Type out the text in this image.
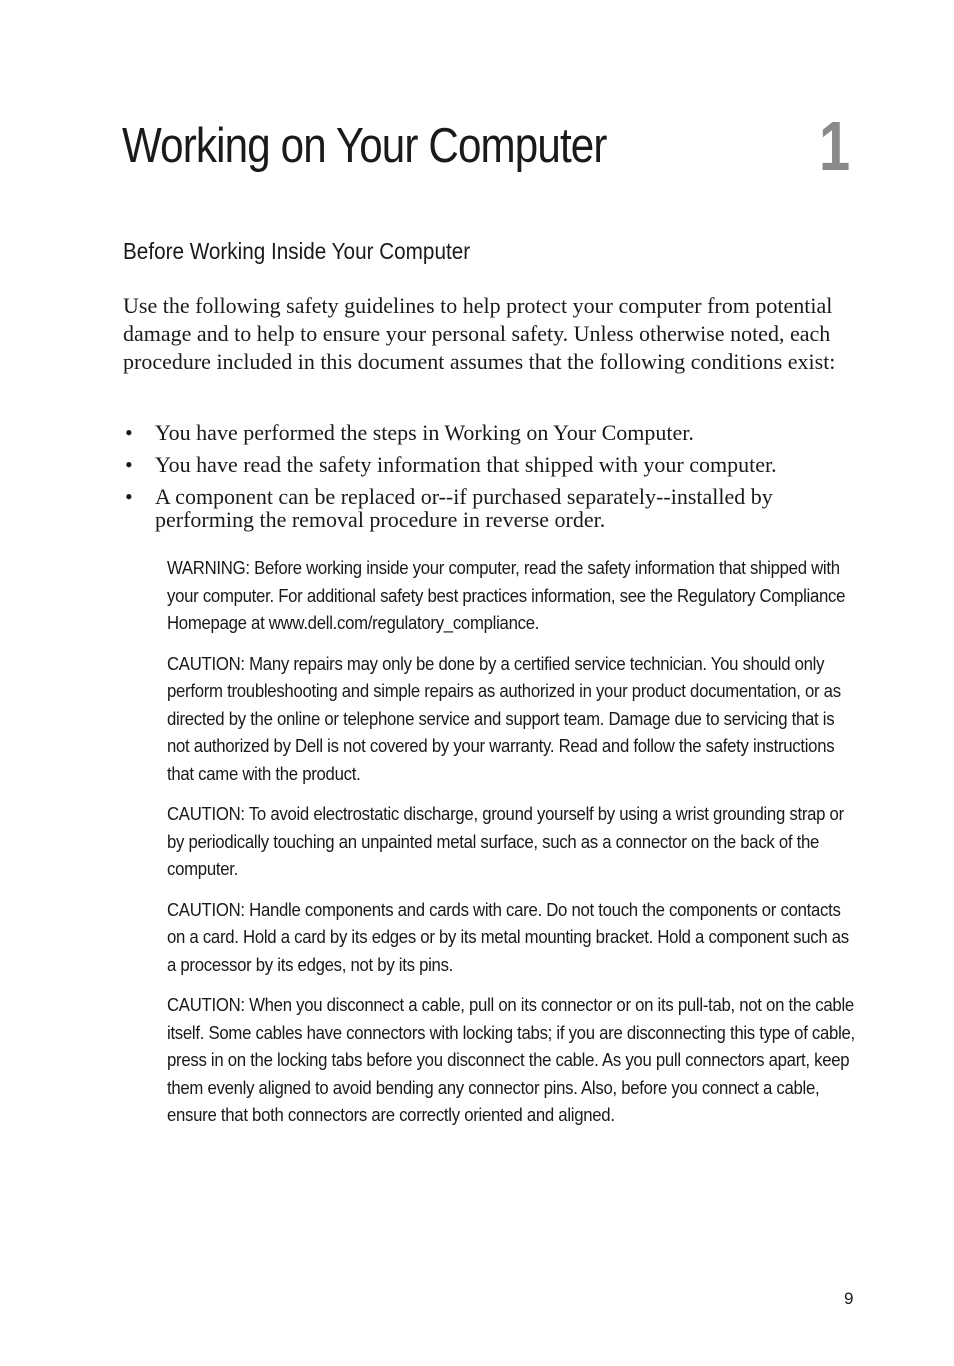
Working on Your Computer	1
Before Working Inside Your Computer

Use the following safety guidelines to help protect your computer from potential damage and to help to ensure your personal safety. Unless otherwise noted, each procedure included in this document assumes that the following conditions exist:

• You have performed the steps in Working on Your Computer.
• You have read the safety information that shipped with your computer.
• A component can be replaced or--if purchased separately--installed by performing the removal procedure in reverse order.

WARNING: Before working inside your computer, read the safety information that shipped with your computer. For additional safety best practices information, see the Regulatory Compliance Homepage at www.dell.com/regulatory_compliance.

CAUTION: Many repairs may only be done by a certified service technician. You should only perform troubleshooting and simple repairs as authorized in your product documentation, or as directed by the online or telephone service and support team. Damage due to servicing that is not authorized by Dell is not covered by your warranty. Read and follow the safety instructions that came with the product.

CAUTION: To avoid electrostatic discharge, ground yourself by using a wrist grounding strap or by periodically touching an unpainted metal surface, such as a connector on the back of the computer.

CAUTION: Handle components and cards with care. Do not touch the components or contacts on a card. Hold a card by its edges or by its metal mounting bracket. Hold a component such as a processor by its edges, not by its pins.

CAUTION: When you disconnect a cable, pull on its connector or on its pull-tab, not on the cable itself. Some cables have connectors with locking tabs; if you are disconnecting this type of cable, press in on the locking tabs before you disconnect the cable. As you pull connectors apart, keep them evenly aligned to avoid bending any connector pins. Also, before you connect a cable, ensure that both connectors are correctly oriented and aligned.

9
